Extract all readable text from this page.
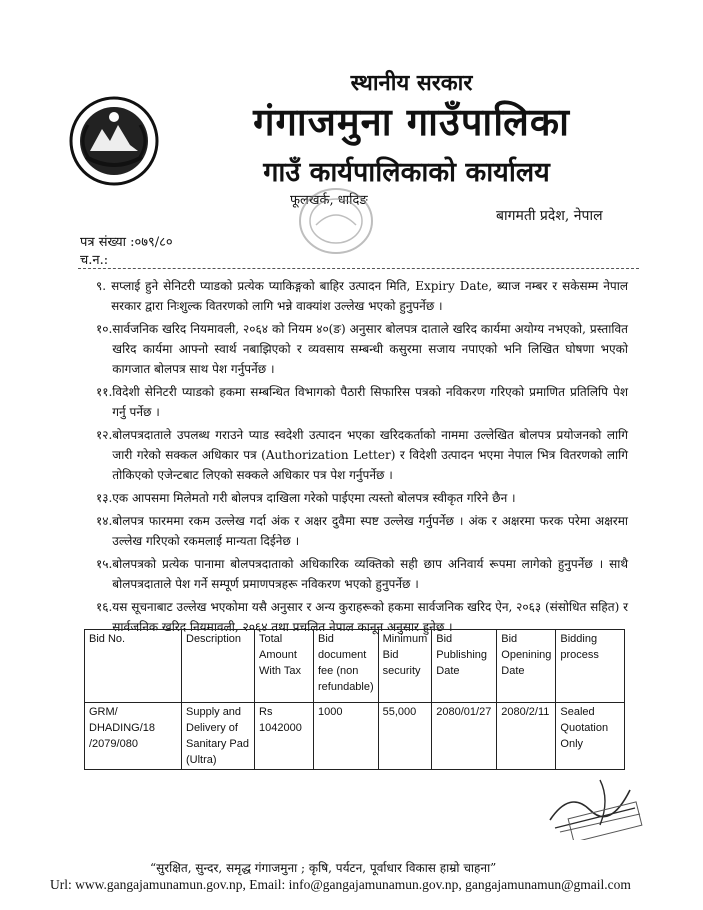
स्थानीय सरकार
गंगाजमुना गाउँपालिका
गाउँ कार्यपालिकाको कार्यालय
फूलखर्क, धादिङ
बागमती प्रदेश, नेपाल
पत्र संख्या :०७९/८०
च.न.:
९. सप्लाई हुने सेनिटरी प्याडको प्रत्येक प्याकिङ्गको बाहिर उत्पादन मिति, Expiry Date, ब्याज नम्बर र सकेसम्म नेपाल सरकार द्वारा निःशुल्क वितरणको लागि भन्ने वाक्यांश उल्लेख भएको हुनुपर्नेछ ।
१०. सार्वजनिक खरिद नियमावली, २०६४ को नियम ४०(ङ) अनुसार बोलपत्र दाताले खरिद कार्यमा अयोग्य नभएको, प्रस्तावित खरिद कार्यमा आफ्नो स्वार्थ नबाझिएको र व्यवसाय सम्बन्धी कसुरमा सजाय नपाएको भनि लिखित घोषणा भएको कागजात बोलपत्र साथ पेश गर्नुपर्नेछ ।
११. विदेशी सेनिटरी प्याडको हकमा सम्बन्धित विभागको पैठारी सिफारिस पत्रको नविकरण गरिएको प्रमाणित प्रतिलिपि पेश गर्नु पर्नेछ ।
१२. बोलपत्रदाताले उपलब्ध गराउने प्याड स्वदेशी उत्पादन भएका खरिदकर्ताको नाममा उल्लेखित बोलपत्र प्रयोजनको लागि जारी गरेको सक्कल अधिकार पत्र (Authorization Letter) र विदेशी उत्पादन भएमा नेपाल भित्र वितरणको लागि तोकिएको एजेन्टबाट लिएको सक्कले अधिकार पत्र पेश गर्नुपर्नेछ ।
१३. एक आपसमा मिलेमतो गरी बोलपत्र दाखिला गरेको पाईएमा त्यस्तो बोलपत्र स्वीकृत गरिने छैन ।
१४. बोलपत्र फारममा रकम उल्लेख गर्दा अंक र अक्षर दुवैमा स्पष्ट उल्लेख गर्नुपर्नेछ । अंक र अक्षरमा फरक परेमा अक्षरमा उल्लेख गरिएको रकमलाई मान्यता दिईनेछ ।
१५. बोलपत्रको प्रत्येक पानामा बोलपत्रदाताको अधिकारिक व्यक्तिको सही छाप अनिवार्य रूपमा लागेको हुनुपर्नेछ । साथै बोलपत्रदाताले पेश गर्ने सम्पूर्ण प्रमाणपत्रहरू नविकरण भएको हुनुपर्नेछ ।
१६. यस सूचनाबाट उल्लेख भएकोमा यसै अनुसार र अन्य कुराहरूको हकमा सार्वजनिक खरिद ऐन, २०६३ (संसोधित सहित) र सार्वजनिक खरिद नियमावली, २०६४ तथा प्रचलित नेपाल कानून अनुसार हुनेछ ।
Bid No.	Description	Total Amount With Tax	Bid document fee (non refundable)	Minimum Bid security	Bid Publishing Date	Bid Openining Date	Bidding process
GRM/ DHADING/18 /2079/080	Supply and Delivery of Sanitary Pad (Ultra)	Rs 1042000	1000	55,000	2080/01/27	2080/2/11	Sealed Quotation Only
“सुरक्षित, सुन्दर, समृद्ध गंगाजमुना ; कृषि, पर्यटन, पूर्वाधार विकास हाम्रो चाहना”
Url: www.gangajamunamun.gov.np, Email: info@gangajamunamun.gov.np, gangajamunamun@gmail.com
